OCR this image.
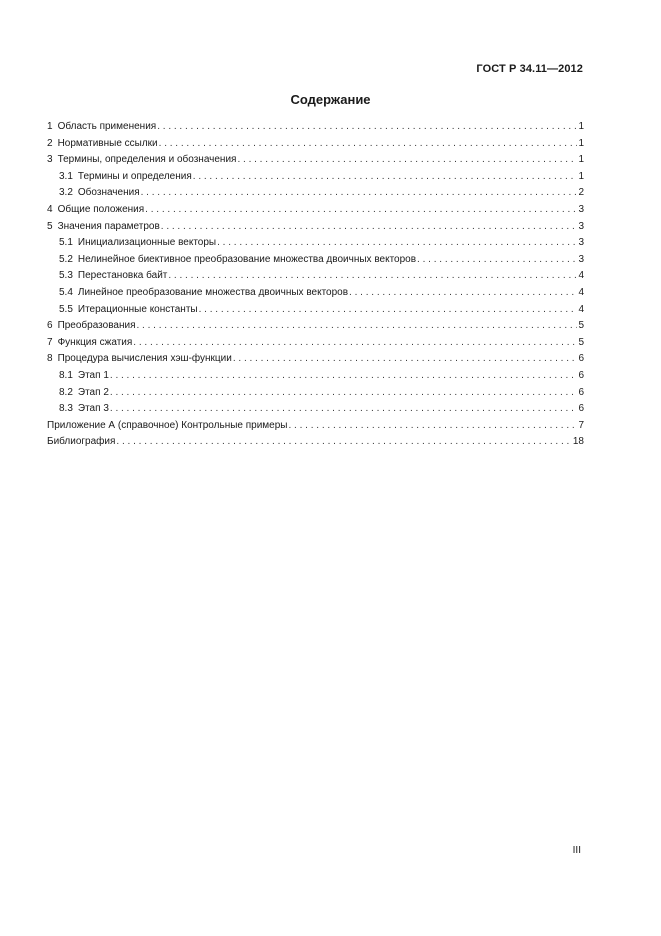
ГОСТ Р 34.11—2012
Содержание
1 Область применения . . .	1
2 Нормативные ссылки . . .	1
3 Термины, определения и обозначения . . .	1
3.1 Термины и определения . . .	1
3.2 Обозначения . . .	2
4 Общие положения . . .	3
5 Значения параметров . . .	3
5.1 Инициализационные векторы . . .	3
5.2 Нелинейное биективное преобразование множества двоичных векторов . . .	3
5.3 Перестановка байт . . .	4
5.4 Линейное преобразование множества двоичных векторов . . .	4
5.5 Итерационные константы . . .	4
6 Преобразования . . .	5
7 Функция сжатия . . .	5
8 Процедура вычисления хэш-функции . . .	6
8.1 Этап 1 . . .	6
8.2 Этап 2 . . .	6
8.3 Этап 3 . . .	6
Приложение А (справочное) Контрольные примеры . . .	7
Библиография . . .	18
III
